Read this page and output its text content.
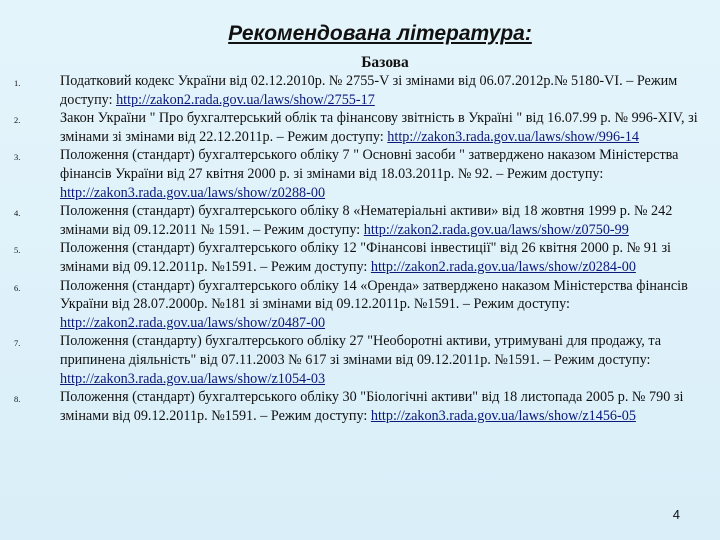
Рекомендована література:
Базова
1.	Податковий кодекс України від 02.12.2010р. № 2755-V зі змінами від 06.07.2012р.№ 5180-VI. – Режим доступу: http://zakon2.rada.gov.ua/laws/show/2755-17
2.	Закон України " Про бухгалтерський облік та фінансову звітність в Україні " від 16.07.99 р. № 996-XIV, зі змінами зі змінами від 22.12.2011р. – Режим доступу: http://zakon3.rada.gov.ua/laws/show/996-14
3.	Положення (стандарт) бухгалтерського обліку 7 " Основні засоби " затверджено наказом Міністерства фінансів України від 27 квітня 2000 р. зі змінами від 18.03.2011р. № 92. – Режим доступу: http://zakon3.rada.gov.ua/laws/show/z0288-00
4.	Положення (стандарт) бухгалтерського обліку 8 «Нематеріальні активи» від 18 жовтня 1999 р. № 242 змінами від 09.12.2011 № 1591. – Режим доступу: http://zakon2.rada.gov.ua/laws/show/z0750-99
5.	Положення (стандарт) бухгалтерського обліку 12 "Фінансові інвестиції" від 26 квітня 2000 р. № 91 зі змінами від 09.12.2011р. №1591. – Режим доступу: http://zakon2.rada.gov.ua/laws/show/z0284-00
6.	Положення (стандарт) бухгалтерського обліку 14 «Оренда» затверджено наказом Міністерства фінансів України від 28.07.2000р. №181 зі змінами від 09.12.2011р. №1591. – Режим доступу: http://zakon2.rada.gov.ua/laws/show/z0487-00
7.	Положення (стандарту) бухгалтерського обліку 27 "Необоротні активи, утримувані для продажу, та припинена діяльність" від 07.11.2003 № 617 зі змінами від 09.12.2011р. №1591. – Режим доступу: http://zakon3.rada.gov.ua/laws/show/z1054-03
8.	Положення (стандарт) бухгалтерського обліку 30 "Біологічні активи" від 18 листопада 2005 р. № 790 зі змінами від 09.12.2011р. №1591. – Режим доступу: http://zakon3.rada.gov.ua/laws/show/z1456-05
4
